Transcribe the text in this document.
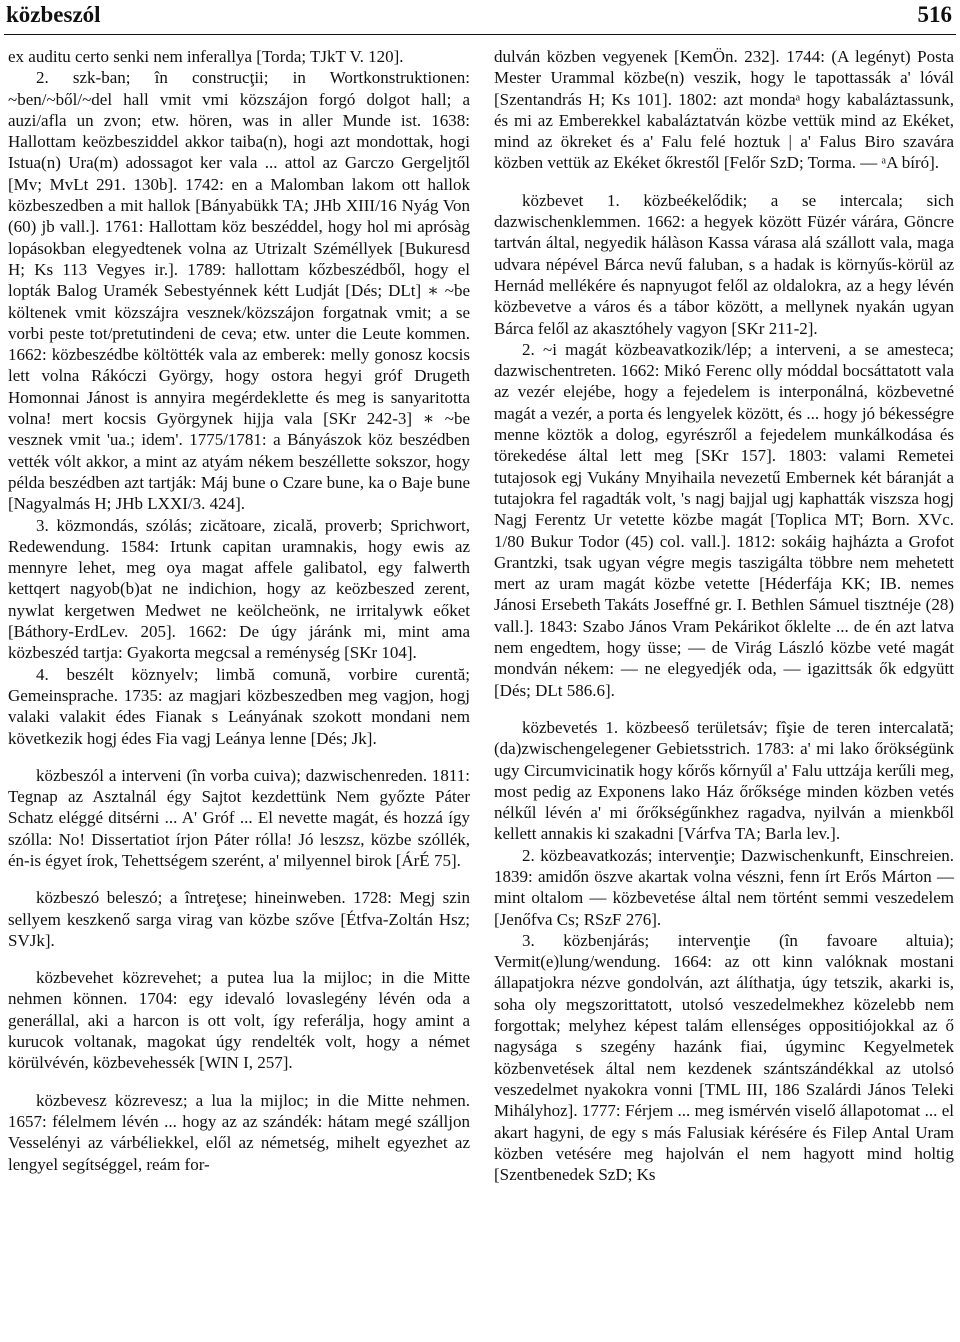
közbeszól	516

ex auditu certo senki nem inferallya [Torda; TJkT V. 120].

2. szk-ban; în construcţii; in Wortkonstruktionen: ~ben/~ből/~del hall vmit vmi közszájon forgó dolgot hall; a auzi/afla un zvon; etw. hören, was in aller Munde ist. 1638: Hallottam keözbesziddel akkor taiba(n), hogi azt mondottak, hogi Istua(n) Ura(m) adossagot ker vala ... attol az Garczo Gergeljtől [Mv; MvLt 291. 130b]. 1742: en a Malomban lakom ott hallok közbeszedben a mit hallok [Bányabükk TA; JHb XIII/16 Nyág Von (60) jb vall.]. 1761: Hallottam köz beszéddel, hogy hol mi aprósàg lopásokban elegyedtenek volna az Utrizalt Széméllyek [Bukuresd H; Ks 113 Vegyes ir.]. 1789: hallottam kőzbeszédből, hogy el lopták Balog Uramék Sebestyénnek kétt Ludját [Dés; DLt] ∗ ~be költenek vmit közszájra vesznek/közszájon forgatnak vmit; a se vorbi peste tot/pretutindeni de ceva; etw. unter die Leute kommen. 1662: közbeszédbe költötték vala az emberek: melly gonosz kocsis lett volna Rákóczi György, hogy ostora hegyi gróf Drugeth Homonnai Jánost is annyira megérdeklette és meg is sanyaritotta volna! mert kocsis Györgynek hijja vala [SKr 242-3] ∗ ~be vesznek vmit 'ua.; idem'. 1775/1781: a Bányászok köz beszédben vették vólt akkor, a mint az atyám nékem beszéllette sokszor, hogy példa beszédben azt tartják: Máj bune o Czare bune, ka o Baje bune [Nagyalmás H; JHb LXXI/3. 424].

3. közmondás, szólás; zicătoare, zicală, proverb; Sprichwort, Redewendung. 1584: Irtunk capitan uramnakis, hogy ewis az mennyre lehet, meg oya magat affele galibatol, egy falwerth kettqert nagyob(b)at ne indichion, hogy az keözbeszed zerent, nywlat kergetwen Medwet ne keölcheönk, ne irritalywk eőket [Báthory-ErdLev. 205]. 1662: De úgy járánk mi, mint ama közbeszéd tartja: Gyakorta megcsal a reménység [SKr 104].

4. beszélt köznyelv; limbă comună, vorbire curentă; Gemeinsprache. 1735: az magjari közbeszedben meg vagjon, hogj valaki valakit édes Fianak s Leányának szokott mondani nem következik hogj édes Fia vagj Leánya lenne [Dés; Jk].

közbeszól a interveni (în vorba cuiva); dazwischenreden. 1811: Tegnap az Asztalnál égy Sajtot kezdettünk Nem győzte Páter Schatz eléggé ditsérni ... A' Gróf ... El nevette magát, és hozzá így szólla: No! Dissertatiot írjon Páter rólla! Jó leszsz, közbe szóllék, én-is égyet írok, Tehettségem szerént, a' milyennel birok [ÁrÉ 75].

közbeszó beleszó; a întreţese; hineinweben. 1728: Megj szin sellyem keszkenő sarga virag van közbe szőve [Étfva-Zoltán Hsz; SVJk].

közbevehet közrevehet; a putea lua la mijloc; in die Mitte nehmen können. 1704: egy idevaló lovaslegény lévén oda a generállal, aki a harcon is ott volt, így referálja, hogy amint a kurucok voltanak, magokat úgy rendelték volt, hogy a német körülvévén, közbevehessék [WIN I, 257].

közbevesz közrevesz; a lua la mijloc; in die Mitte nehmen. 1657: félelmem lévén ... hogy az az szándék: hátam megé szálljon Vesselényi az várbéliekkel, elől az németség, mihelt egyezhet az lengyel segítséggel, reám for-

dulván közben vegyenek [KemÖn. 232]. 1744: (A legényt) Posta Mester Urammal közbe(n) veszik, hogy le tapottassák a' lóvál [Szentandrás H; Ks 101]. 1802: azt mondaᵃ hogy kabaláztassunk, és mi az Emberekkel kabaláztatván közbe vettük mind az Ekéket, mind az ökreket és a' Falu felé hoztuk | a' Falus Biro szavára közben vettük az Ekéket őkrestől [Felőr SzD; Torma. — ᵃA bíró].

közbevet 1. közbeékelődik; a se intercala; sich dazwischenklemmen. 1662: a hegyek között Füzér várára, Göncre tartván által, negyedik hálàson Kassa várasa alá szállott vala, maga udvara népével Bárca nevű faluban, s a hadak is környűs-körül az Hernád mellékére és napnyugot felől az oldalokra, az a hegy lévén közbevetve a város és a tábor között, a mellynek nyakán ugyan Bárca felől az akasztóhely vagyon [SKr 211-2].

2. ~i magát közbeavatkozik/lép; a interveni, a se amesteca; dazwischentreten. 1662: Mikó Ferenc olly móddal bocsáttatott vala az vezér elejébe, hogy a fejedelem is interponálná, közbevetné magát a vezér, a porta és lengyelek között, és ... hogy jó békességre menne köztök a dolog, egyrészről a fejedelem munkálkodása és törekedése által lett meg [SKr 157]. 1803: valami Remetei tutajosok egj Vukány Mnyihaila nevezetű Embernek két báranját a tutajokra fel ragadták volt, 's nagj bajjal ugj kaphatták viszsza hogj Nagj Ferentz Ur vetette közbe magát [Toplica MT; Born. XVc. 1/80 Bukur Todor (45) col. vall.]. 1812: sokáig hajházta a Grofot Grantzki, tsak ugyan végre megis taszigálta többre nem mehetett mert az uram magát közbe vetette [Héderfája KK; IB. nemes Jánosi Ersebeth Takáts Joseffné gr. I. Bethlen Sámuel tisztnéje (28) vall.]. 1843: Szabo János Vram Pekárikot őklelte ... de én azt latva nem engedtem, hogy üsse; — de Virág László közbe veté magát mondván nékem: — ne elegyedjék oda, — igazittsák ők edgyütt [Dés; DLt 586.6].

közbevetés 1. közbeeső területsáv; fîşie de teren intercalată; (da)zwischengelegener Gebietsstrich. 1783: a' mi lako őrökségünk ugy Circumvicinatik hogy kőrős kőrnyűl a' Falu uttzája kerűli meg, most pedig az Exponens lako Ház őrőksége minden közben vetés nélkűl lévén a' mi őrőkségűnkhez ragadva, nyilván a mienkből kellett annakis ki szakadni [Várfva TA; Barla lev.].

2. közbeavatkozás; intervenţie; Dazwischenkunft, Einschreien. 1839: amidőn öszve akartak volna vészni, fenn írt Erős Márton — mint oltalom — közbevetése által nem történt semmi veszedelem [Jenőfva Cs; RSzF 276].

3. közbenjárás; intervenţie (în favoare altuia); Vermit(e)lung/wendung. 1664: az ott kinn valóknak mostani állapatjokra nézve gondolván, azt álíthatja, úgy tetszik, akarki is, soha oly megszorittatott, utolsó veszedelmekhez közelebb nem forgottak; melyhez képest talám ellenséges oppositiójokkal az ő nagysága s szegény hazánk fiai, úgyminc Kegyelmetek közbenvetések által nem kezdenek szántszándékkal az utolsó veszedelmet nyakokra vonni [TML III, 186 Szalárdi János Teleki Mihályhoz]. 1777: Férjem ... meg ismérvén viselő állapotomat ... el akart hagyni, de egy s más Falusiak kérésére és Filep Antal Uram közben vetésére meg hajolván el nem hagyott mind holtig [Szentbenedek SzD; Ks
